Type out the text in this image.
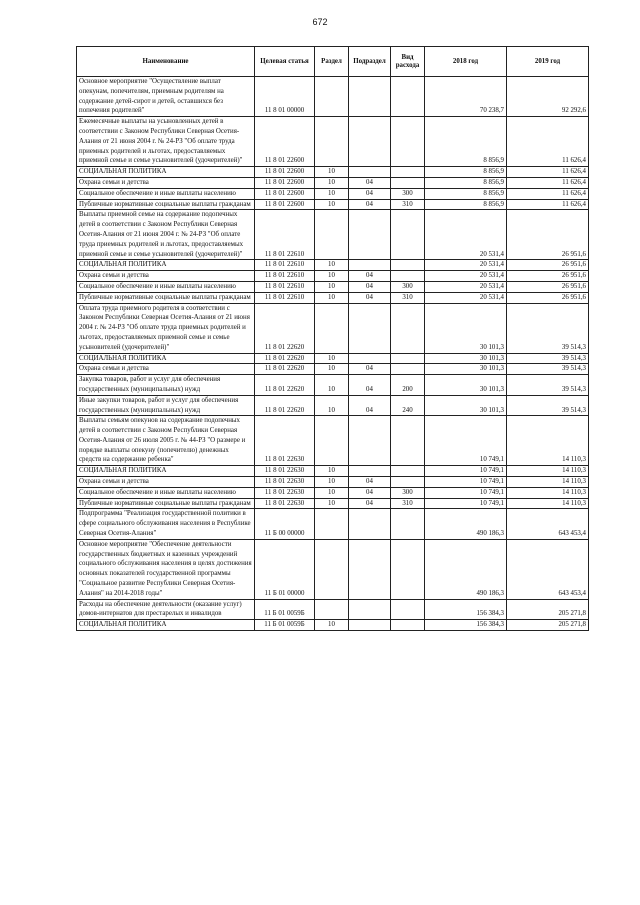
672
Наименование	Целевая статья	Раздел	Подраздел	Вид расхода	2018 год	2019 год
Основное мероприятие "Осуществление выплат опекунам, попечителям, приемным родителям на содержание детей-сирот и детей, оставшихся без попечения родителей"	11 8 01 00000				70 238,7	92 292,6
Ежемесячные выплаты на усыновленных детей в соответствии с Законом Республики Северная Осетия-Алания от 21 июня 2004 г. № 24-РЗ "Об оплате труда приемных родителей и льготах, предоставляемых приемной семье и семье усыновителей (удочерителей)"	11 8 01 22600				8 856,9	11 626,4
СОЦИАЛЬНАЯ ПОЛИТИКА	11 8 01 22600	10			8 856,9	11 626,4
Охрана семьи и детства	11 8 01 22600	10	04		8 856,9	11 626,4
Социальное обеспечение и иные выплаты населению	11 8 01 22600	10	04	300	8 856,9	11 626,4
Публичные нормативные социальные выплаты гражданам	11 8 01 22600	10	04	310	8 856,9	11 626,4
Выплаты приемной семье на содержание подопечных детей в соответствии с Законом Республики Северная Осетия-Алания от 21 июня 2004 г. № 24-РЗ "Об оплате труда приемных родителей и льготах, предоставляемых приемной семье и семье усыновителей (удочерителей)"	11 8 01 22610				20 531,4	26 951,6
СОЦИАЛЬНАЯ ПОЛИТИКА	11 8 01 22610	10			20 531,4	26 951,6
Охрана семьи и детства	11 8 01 22610	10	04		20 531,4	26 951,6
Социальное обеспечение и иные выплаты населению	11 8 01 22610	10	04	300	20 531,4	26 951,6
Публичные нормативные социальные выплаты гражданам	11 8 01 22610	10	04	310	20 531,4	26 951,6
Оплата труда приемного родителя в соответствии с Законом Республики Северная Осетия-Алания от 21 июня 2004 г. № 24-РЗ "Об оплате труда приемных родителей и льготах, предоставляемых приемной семье и семье усыновителей (удочерителей)"	11 8 01 22620				30 101,3	39 514,3
СОЦИАЛЬНАЯ ПОЛИТИКА	11 8 01 22620	10			30 101,3	39 514,3
Охрана семьи и детства	11 8 01 22620	10	04		30 101,3	39 514,3
Закупка товаров, работ и услуг для обеспечения государственных (муниципальных) нужд	11 8 01 22620	10	04	200	30 101,3	39 514,3
Иные закупки товаров, работ и услуг для обеспечения государственных (муниципальных) нужд	11 8 01 22620	10	04	240	30 101,3	39 514,3
Выплаты семьям опекунов на содержание подопечных детей в соответствии с Законом Республики Северная Осетия-Алания от 26 июля 2005 г. № 44-РЗ "О размере и порядке выплаты опекуну (попечителю) денежных средств на содержание ребенка"	11 8 01 22630				10 749,1	14 110,3
СОЦИАЛЬНАЯ ПОЛИТИКА	11 8 01 22630	10			10 749,1	14 110,3
Охрана семьи и детства	11 8 01 22630	10	04		10 749,1	14 110,3
Социальное обеспечение и иные выплаты населению	11 8 01 22630	10	04	300	10 749,1	14 110,3
Публичные нормативные социальные выплаты гражданам	11 8 01 22630	10	04	310	10 749,1	14 110,3
Подпрограмма "Реализация государственной политики в сфере социального обслуживания населения в Республике Северная Осетия-Алания"	11 Б 00 00000				490 186,3	643 453,4
Основное мероприятие "Обеспечение деятельности государственных бюджетных и казенных учреждений социального обслуживания населения в целях достижения основных показателей государственной программы "Социальное развитие Республики Северная Осетия-Алания" на 2014-2018 годы"	11 Б 01 00000				490 186,3	643 453,4
Расходы на обеспечение деятельности (оказание услуг) домов-интернатов для престарелых и инвалидов	11 Б 01 0059Б				156 384,3	205 271,8
СОЦИАЛЬНАЯ ПОЛИТИКА	11 Б 01 0059Б	10			156 384,3	205 271,8
